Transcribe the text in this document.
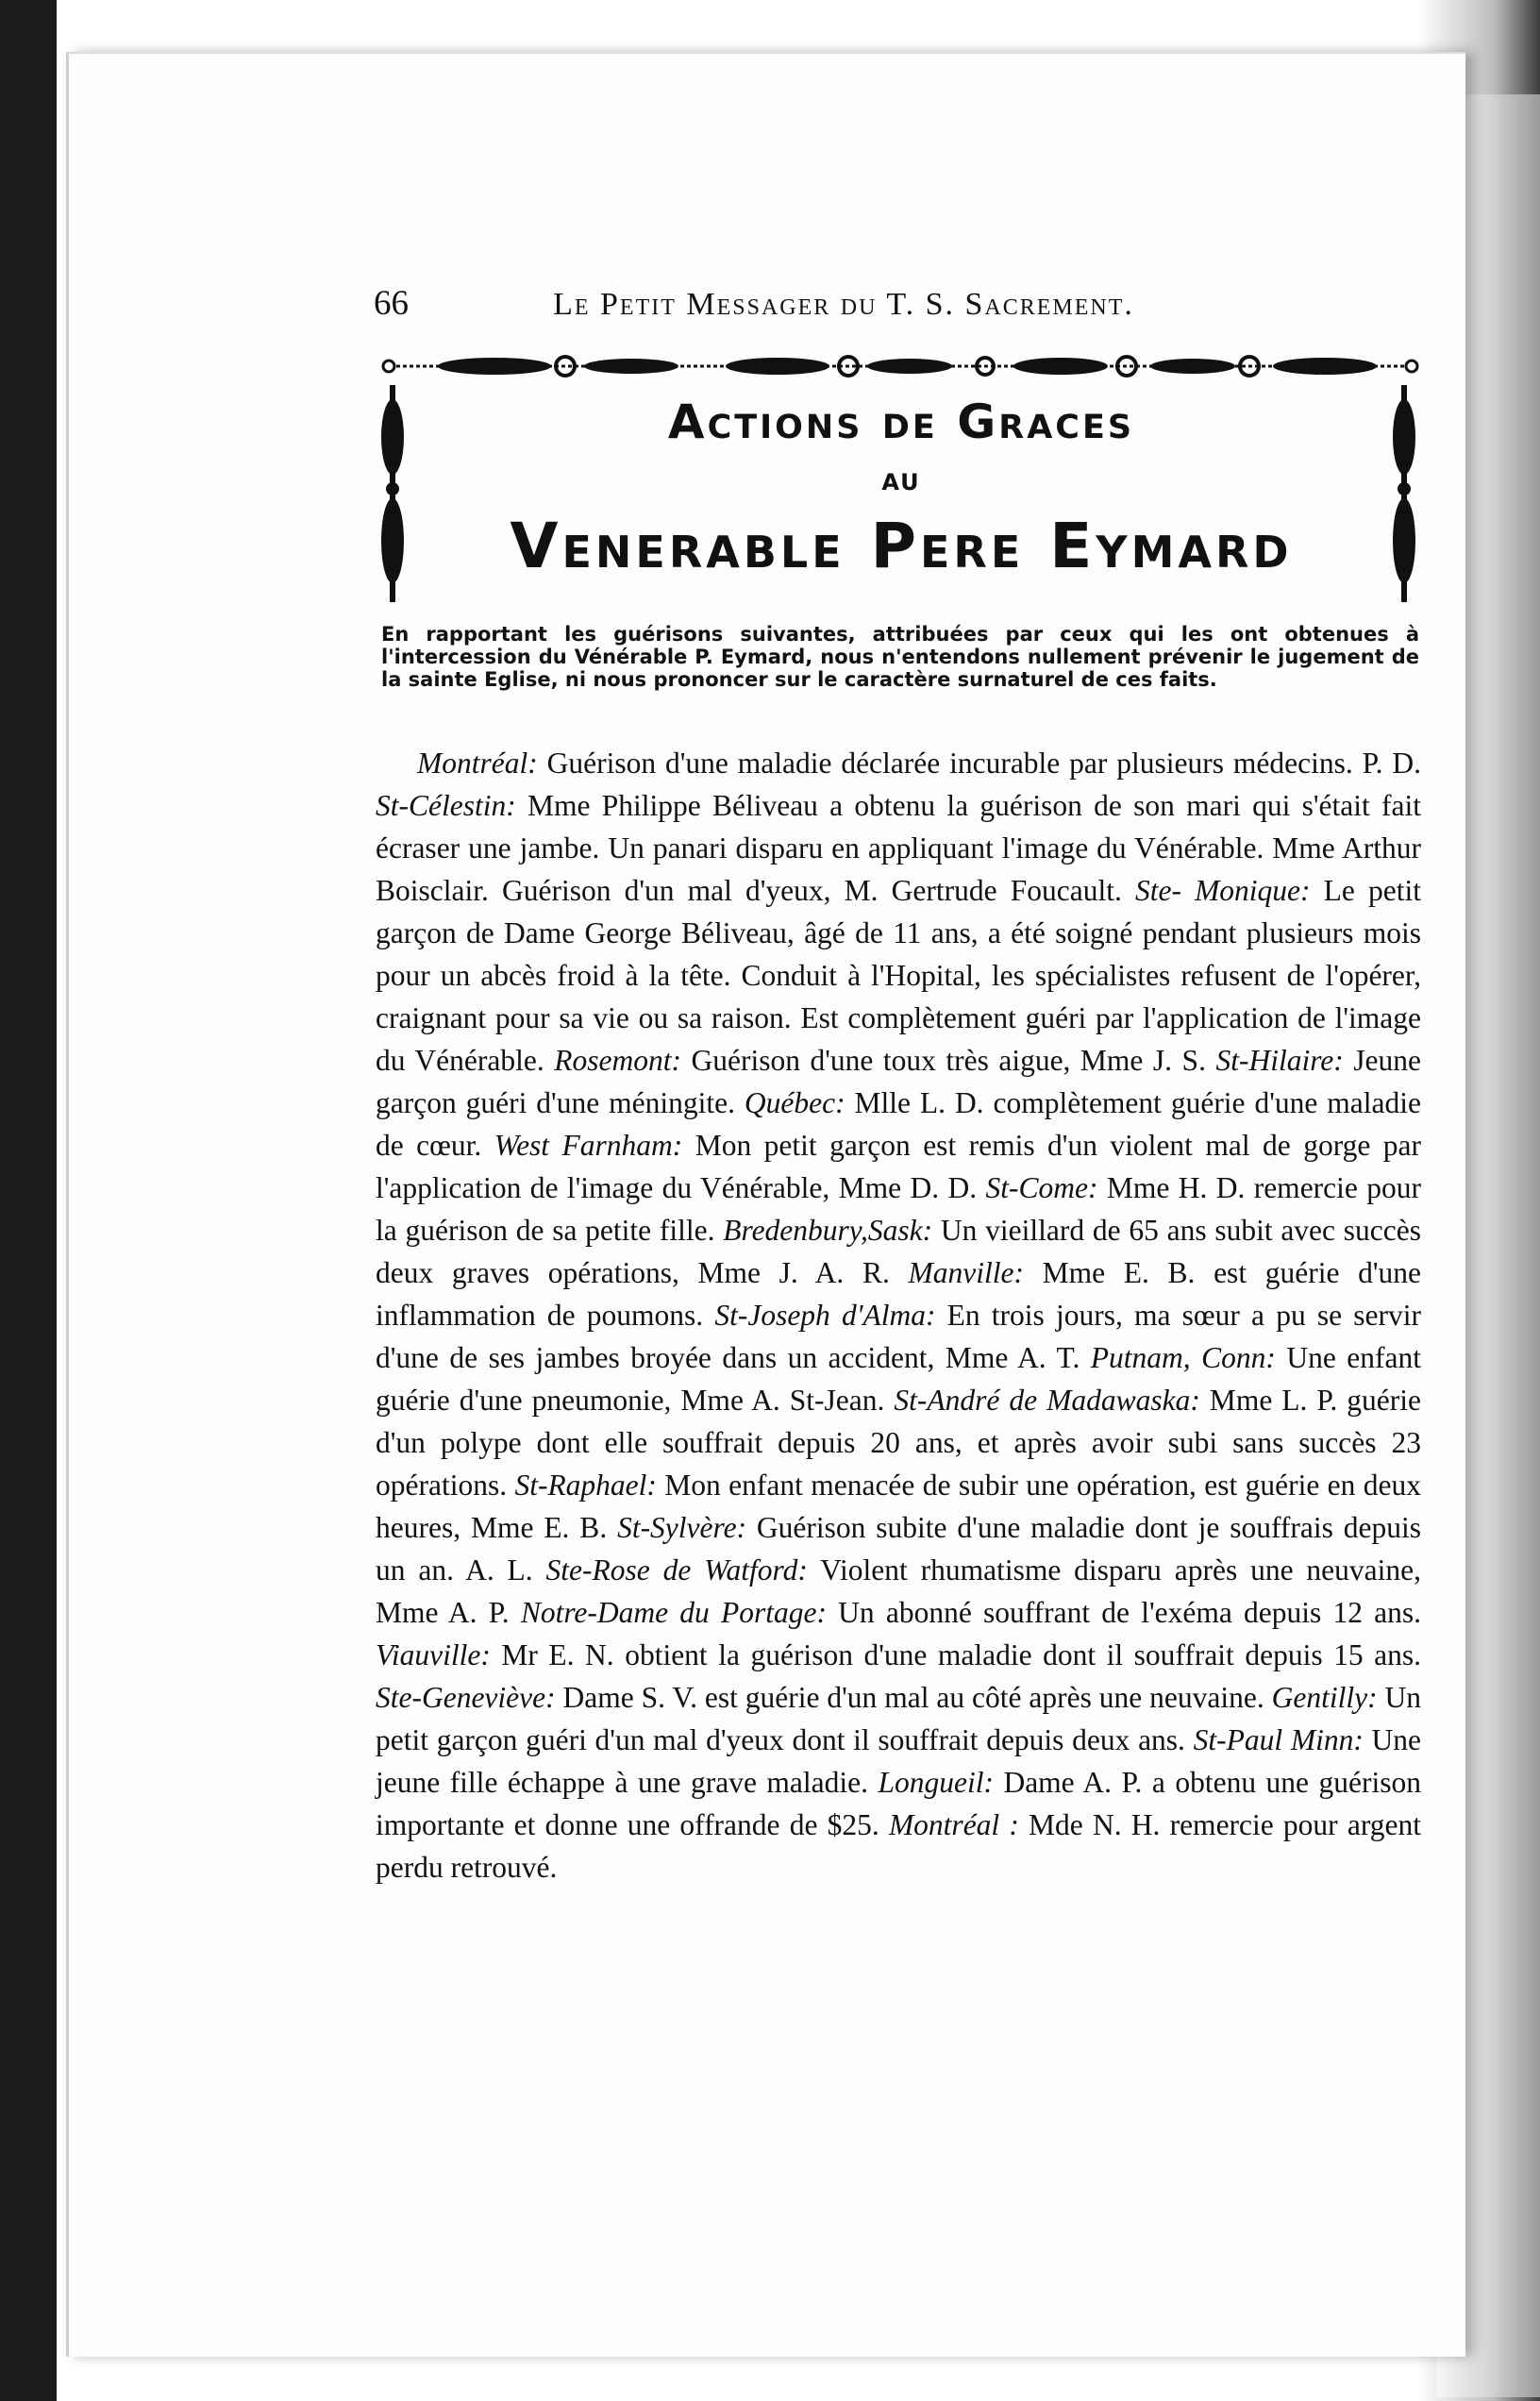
66	Le Petit Messager du T. S. Sacrement.
Actions de Graces
au
Venerable Pere Eymard
En rapportant les guérisons suivantes, attribuées par ceux qui les ont obtenues à l'intercession du Vénérable P. Eymard, nous n'entendons nullement prévenir le jugement de la sainte Eglise, ni nous prononcer sur le caractère surnaturel de ces faits.
Montréal: Guérison d'une maladie déclarée incurable par plusieurs médecins. P. D. St-Célestin: Mme Philippe Béliveau a obtenu la guérison de son mari qui s'était fait écraser une jambe. Un panari disparu en appliquant l'image du Vénérable. Mme Arthur Boisclair. Guérison d'un mal d'yeux, M. Gertrude Foucault. Ste- Monique: Le petit garçon de Dame George Béliveau, âgé de 11 ans, a été soigné pendant plusieurs mois pour un abcès froid à la tête. Conduit à l'Hopital, les spécialistes refusent de l'opérer, craignant pour sa vie ou sa raison. Est complètement guéri par l'application de l'image du Vénérable. Rosemont: Guérison d'une toux très aigue, Mme J. S. St-Hilaire: Jeune garçon guéri d'une méningite. Québec: Mlle L. D. complètement guérie d'une maladie de cœur. West Farnham: Mon petit garçon est remis d'un violent mal de gorge par l'application de l'image du Vénérable, Mme D. D. St-Come: Mme H. D. remercie pour la guérison de sa petite fille. Bredenbury,Sask: Un vieillard de 65 ans subit avec succès deux graves opérations, Mme J. A. R. Manville: Mme E. B. est guérie d'une inflammation de poumons. St-Joseph d'Alma: En trois jours, ma sœur a pu se servir d'une de ses jambes broyée dans un accident, Mme A. T. Putnam, Conn: Une enfant guérie d'une pneumonie, Mme A. St-Jean. St-André de Madawaska: Mme L. P. guérie d'un polype dont elle souffrait depuis 20 ans, et après avoir subi sans succès 23 opérations. St-Raphael: Mon enfant menacée de subir une opération, est guérie en deux heures, Mme E. B. St-Sylvère: Guérison subite d'une maladie dont je souffrais depuis un an. A. L. Ste-Rose de Watford: Violent rhumatisme disparu après une neuvaine, Mme A. P. Notre-Dame du Portage: Un abonné souffrant de l'exéma depuis 12 ans. Viauville: Mr E. N. obtient la guérison d'une maladie dont il souffrait depuis 15 ans. Ste-Geneviève: Dame S. V. est guérie d'un mal au côté après une neuvaine. Gentilly: Un petit garçon guéri d'un mal d'yeux dont il souffrait depuis deux ans. St-Paul Minn: Une jeune fille échappe à une grave maladie. Longueil: Dame A. P. a obtenu une guérison importante et donne une offrande de $25. Montréal : Mde N. H. remercie pour argent perdu retrouvé.
